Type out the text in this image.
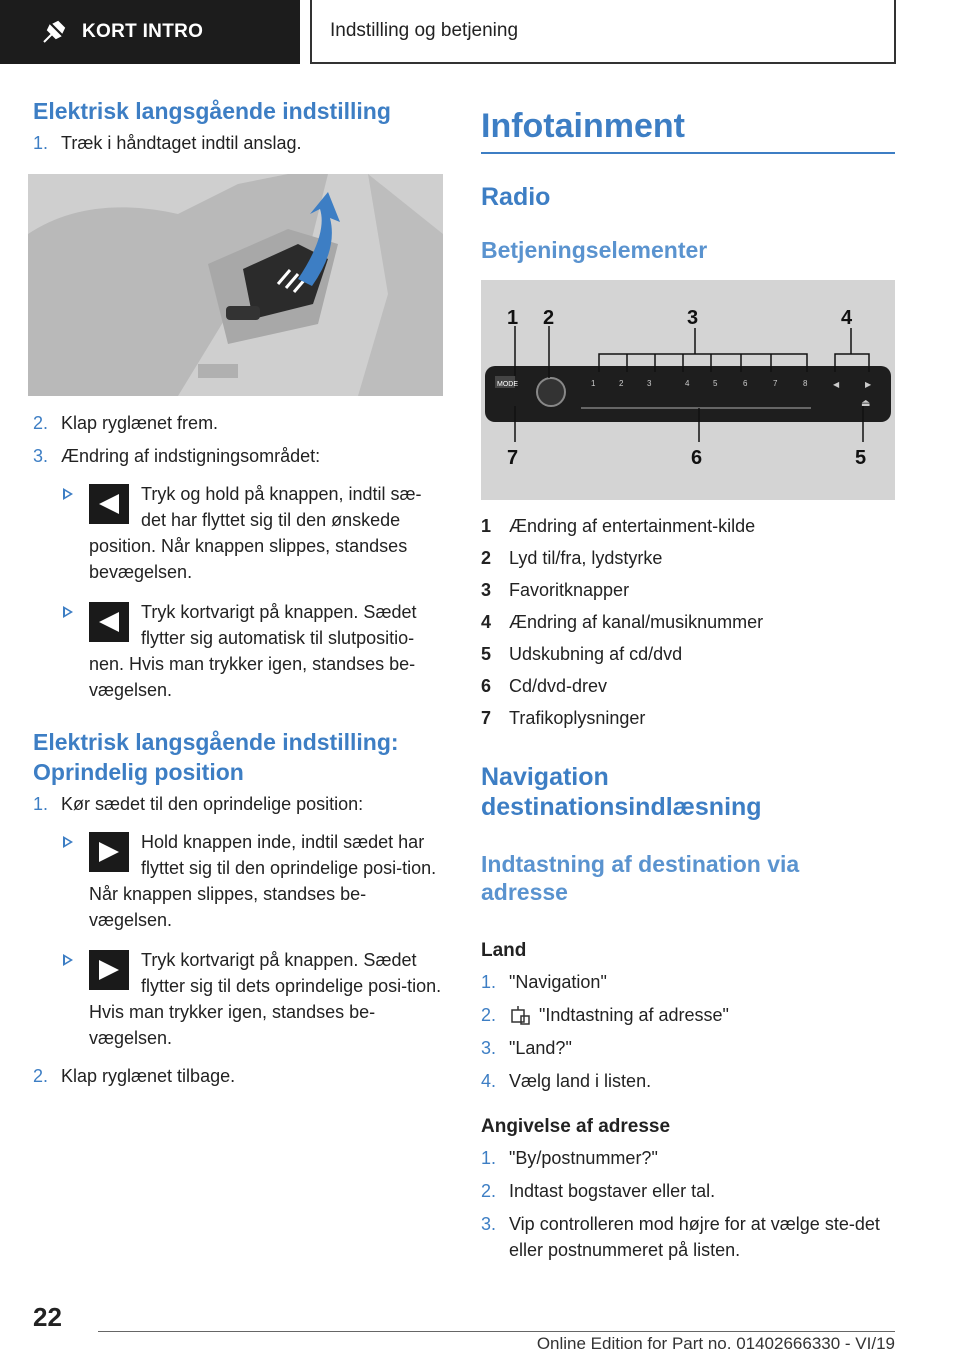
KORT INTRO	Indstilling og betjening
Elektrisk langsgående indstilling
1. Træk i håndtaget indtil anslag.
2. Klap ryglænet frem.
3. Ændring af indstigningsområdet:
Tryk og hold på knappen, indtil sæ-det har flyttet sig til den ønskede position. Når knappen slippes, standses bevægelsen.
Tryk kortvarigt på knappen. Sædet flytter sig automatisk til slutpositio-nen. Hvis man trykker igen, standses be-vægelsen.
Elektrisk langsgående indstilling: Oprindelig position
1. Kør sædet til den oprindelige position:
Hold knappen inde, indtil sædet har flyttet sig til den oprindelige posi-tion. Når knappen slippes, standses be-vægelsen.
Tryk kortvarigt på knappen. Sædet flytter sig til dets oprindelige posi-tion. Hvis man trykker igen, standses be-vægelsen.
2. Klap ryglænet tilbage.
Infotainment
Radio
Betjeningselementer
MODE	1	2	3	4	5	6	7	8	◀	▶
⏏
1 2	3	4
7	6	5
1 Ændring af entertainment-kilde
2 Lyd til/fra, lydstyrke
3 Favoritknapper
4 Ændring af kanal/musiknummer
5 Udskubning af cd/dvd
6 Cd/dvd-drev
7 Trafikoplysninger
Navigation destinationsindlæsning
Indtastning af destination via adresse
Land
1. "Navigation"
2.	"Indtastning af adresse"
3. "Land?"
4. Vælg land i listen.
Angivelse af adresse
1. "By/postnummer?"
2. Indtast bogstaver eller tal.
3. Vip controlleren mod højre for at vælge ste-det eller postnummeret på listen.
22
Online Edition for Part no. 01402666330 - VI/19
